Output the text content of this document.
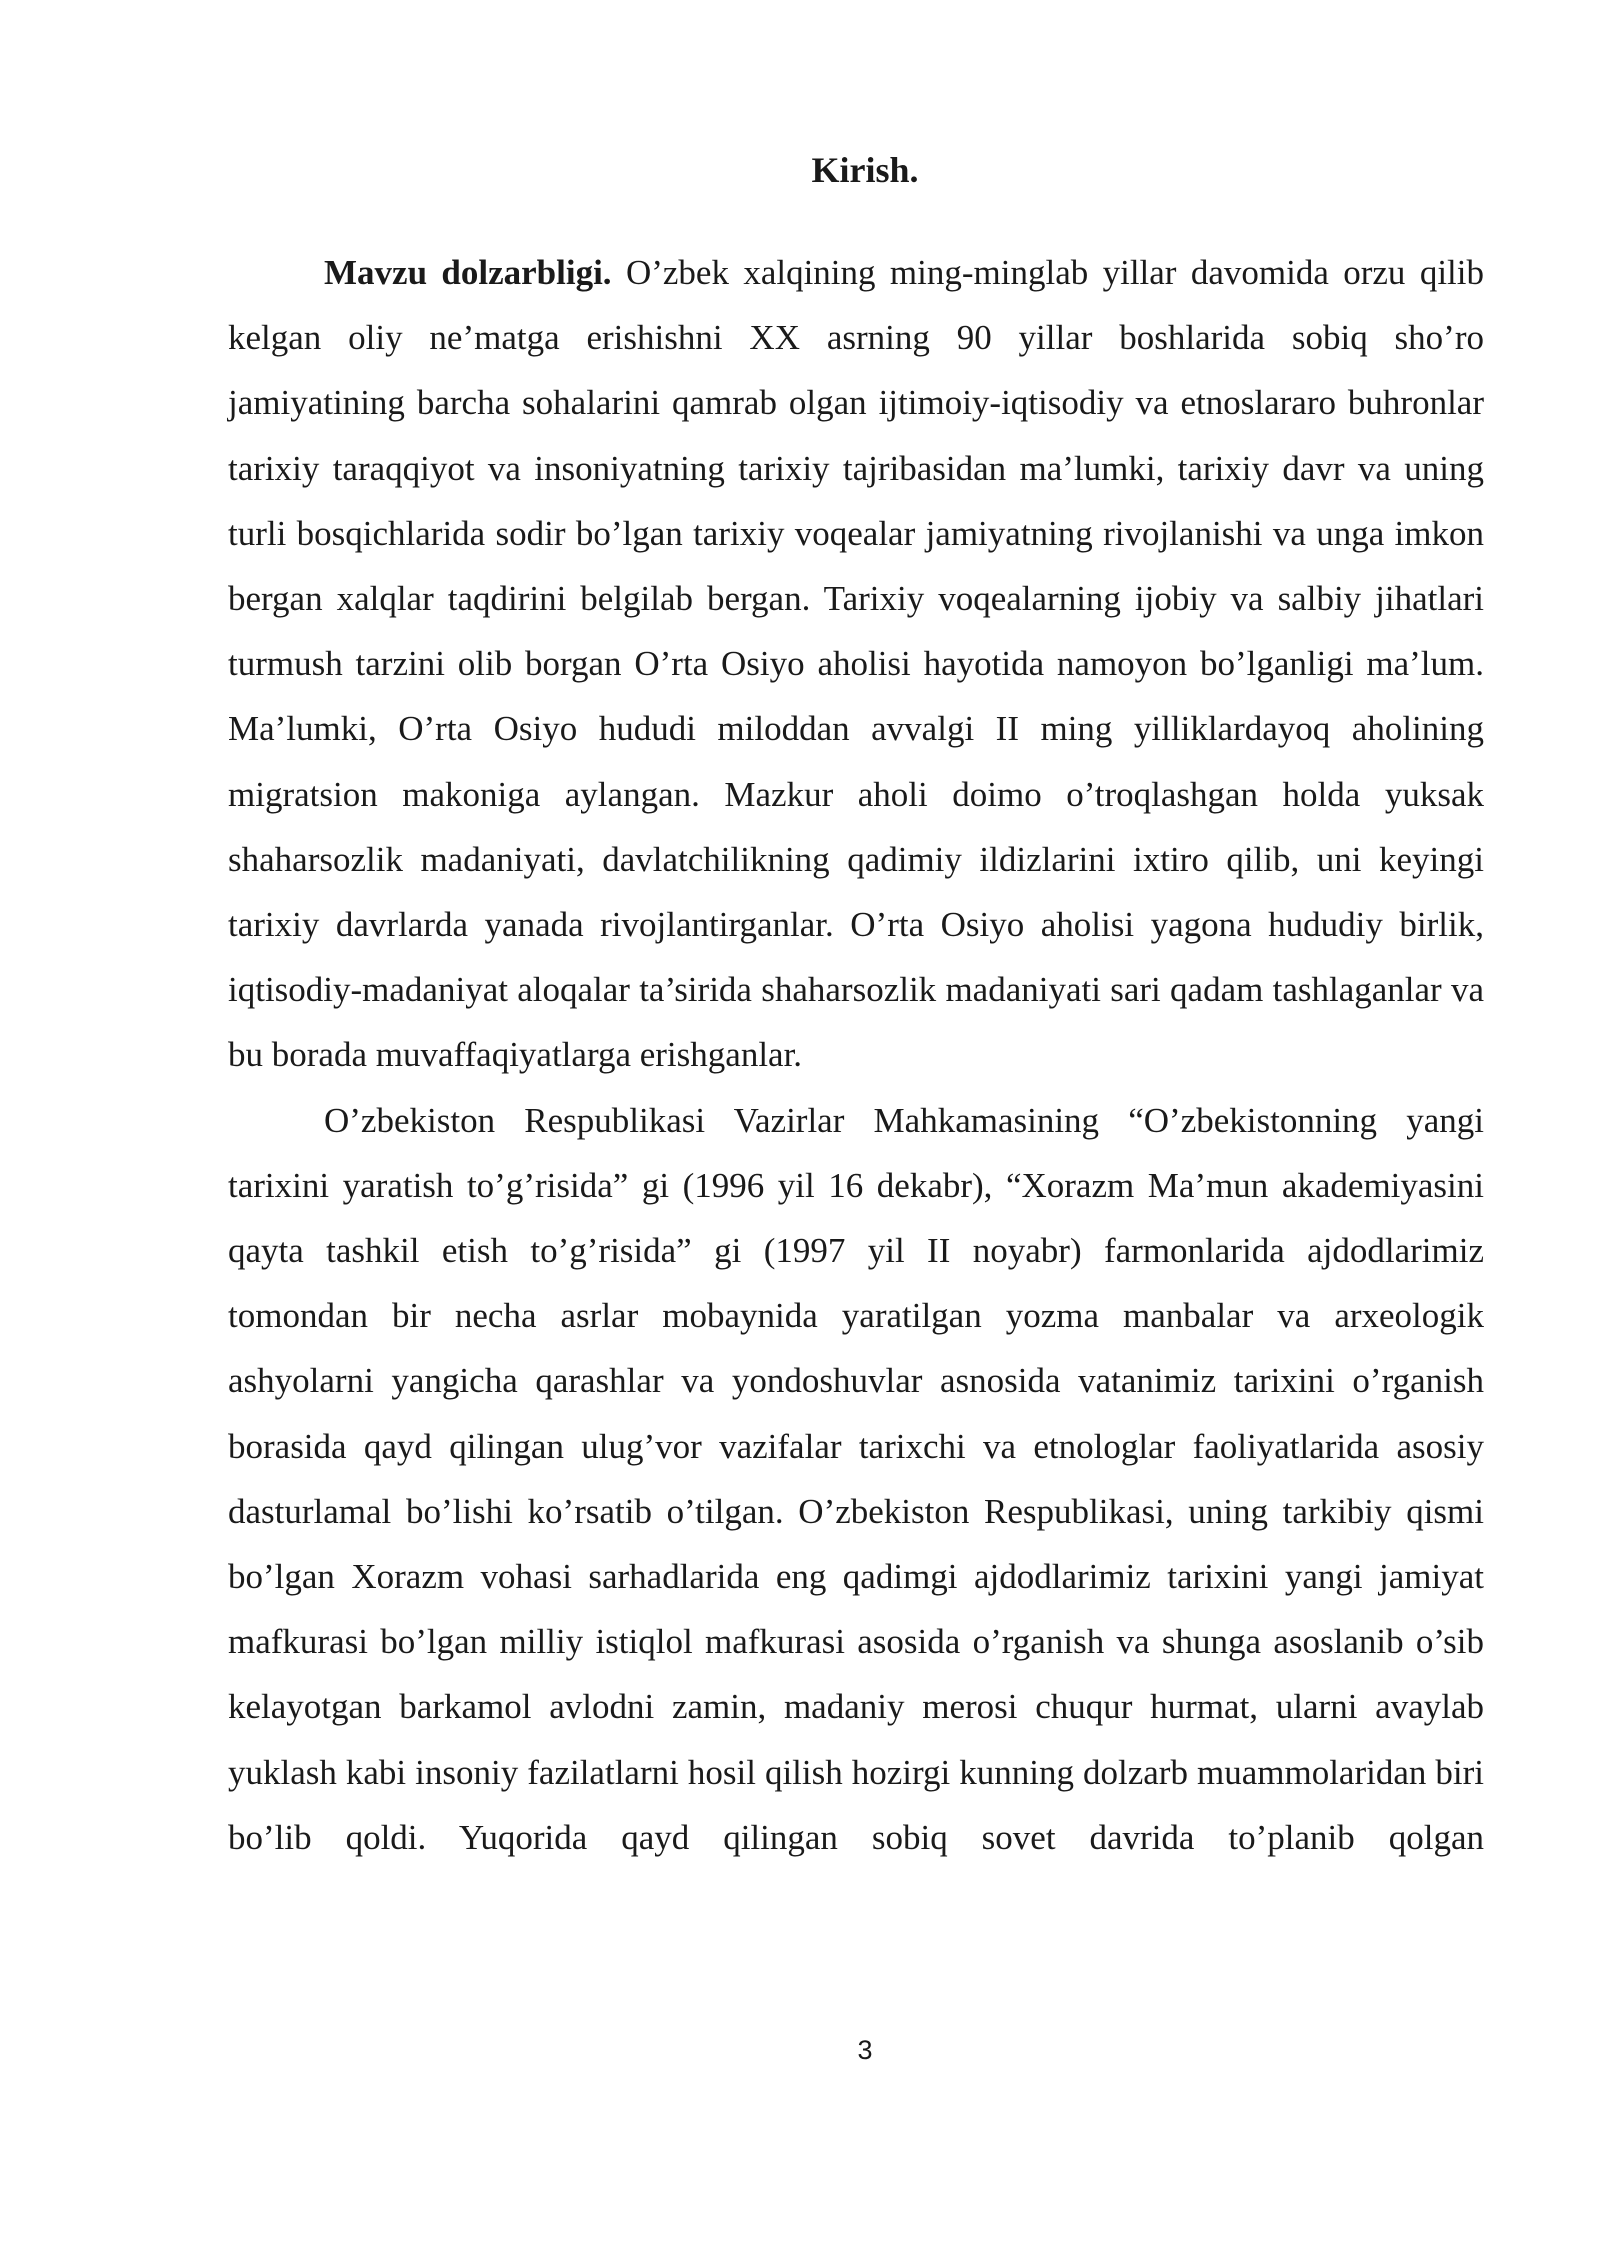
Kirish.

Mavzu dolzarbligi. O’zbek xalqining ming-minglab yillar davomida orzu qilib kelgan oliy ne’matga erishishni XX asrning 90 yillar boshlarida sobiq sho’ro jamiyatining barcha sohalarini qamrab olgan ijtimoiy-iqtisodiy va etnoslararo buhronlar tarixiy taraqqiyot va insoniyatning tarixiy tajribasidan ma’lumki, tarixiy davr va uning turli bosqichlarida sodir bo’lgan tarixiy voqealar jamiyatning rivojlanishi va unga imkon bergan xalqlar taqdirini belgilab bergan. Tarixiy voqealarning ijobiy va salbiy jihatlari turmush tarzini olib borgan O’rta Osiyo aholisi hayotida namoyon bo’lganligi ma’lum. Ma’lumki, O’rta Osiyo hududi miloddan avvalgi II ming yilliklardayoq aholining migratsion makoniga aylangan. Mazkur aholi doimo o’troqlashgan holda yuksak shaharsozlik madaniyati, davlatchilikning qadimiy ildizlarini ixtiro qilib, uni keyingi tarixiy davrlarda yanada rivojlantirganlar. O’rta Osiyo aholisi yagona hududiy birlik, iqtisodiy-madaniyat aloqalar ta’sirida shaharsozlik madaniyati sari qadam tashlaganlar va bu borada muvaffaqiyatlarga erishganlar.

O’zbekiston Respublikasi Vazirlar Mahkamasining “O’zbekistonning yangi tarixini yaratish to’g’risida” gi (1996 yil 16 dekabr), “Xorazm Ma’mun akademiyasini qayta tashkil etish to’g’risida” gi (1997 yil II noyabr) farmonlarida ajdodlarimiz tomondan bir necha asrlar mobaynida yaratilgan yozma manbalar va arxeologik ashyolarni yangicha qarashlar va yondoshuvlar asnosida vatanimiz tarixini o’rganish borasida qayd qilingan ulug’vor vazifalar tarixchi va etnologlar faoliyatlarida asosiy dasturlamal bo’lishi ko’rsatib o’tilgan. O’zbekiston Respublikasi, uning tarkibiy qismi bo’lgan Xorazm vohasi sarhadlarida eng qadimgi ajdodlarimiz tarixini yangi jamiyat mafkurasi bo’lgan milliy istiqlol mafkurasi asosida o’rganish va shunga asoslanib o’sib kelayotgan barkamol avlodni zamin, madaniy merosi chuqur hurmat, ularni avaylab yuklash kabi insoniy fazilatlarni hosil qilish hozirgi kunning dolzarb muammolaridan biri bo’lib qoldi. Yuqorida qayd qilingan sobiq sovet davrida to’planib qolgan

3
